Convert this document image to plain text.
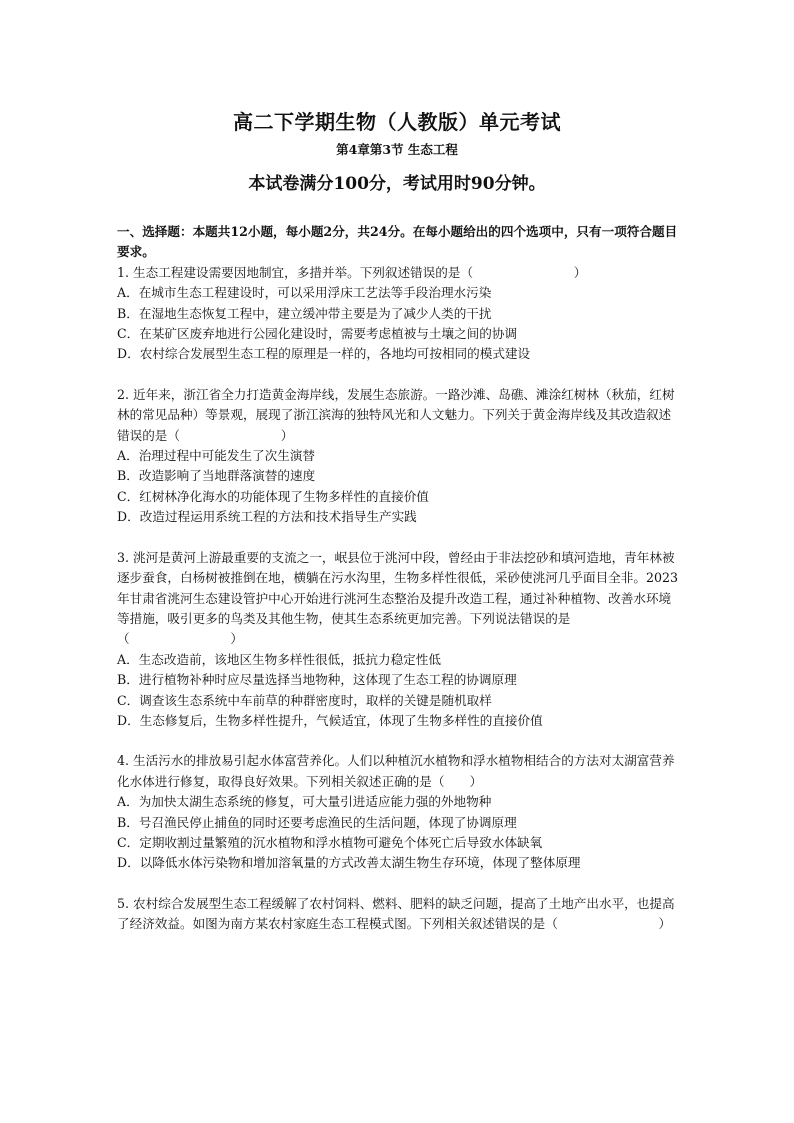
高二下学期生物（人教版）单元考试
第4章第3节 生态工程
本试卷满分100分，考试用时90分钟。

一、选择题：本题共12小题，每小题2分，共24分。在每小题给出的四个选项中，只有一项符合题目要求。

1. 生态工程建设需要因地制宜，多措并举。下列叙述错误的是（　　　　　　　　）

A．在城市生态工程建设时，可以采用浮床工艺法等手段治理水污染

B．在湿地生态恢复工程中，建立缓冲带主要是为了减少人类的干扰

C．在某矿区废弃地进行公园化建设时，需要考虑植被与土壤之间的协调

D．农村综合发展型生态工程的原理是一样的，各地均可按相同的模式建设

2. 近年来，浙江省全力打造黄金海岸线，发展生态旅游。一路沙滩、岛礁、滩涂红树林（秋茄，红树林的常见品种）等景观，展现了浙江滨海的独特风光和人文魅力。下列关于黄金海岸线及其改造叙述错误的是（　　　　　　　　）

A．治理过程中可能发生了次生演替

B．改造影响了当地群落演替的速度

C．红树林净化海水的功能体现了生物多样性的直接价值

D．改造过程运用系统工程的方法和技术指导生产实践

3. 洮河是黄河上游最重要的支流之一，岷县位于洮河中段，曾经由于非法挖砂和填河造地，青年林被逐步蚕食，白杨树被推倒在地，横躺在污水沟里，生物多样性很低，采砂使洮河几乎面目全非。2023年甘肃省洮河生态建设管护中心开始进行洮河生态整治及提升改造工程，通过补种植物、改善水环境等措施，吸引更多的鸟类及其他生物，使其生态系统更加完善。下列说法错误的是（　　　　　　　　）

A．生态改造前，该地区生物多样性很低，抵抗力稳定性低

B．进行植物补种时应尽量选择当地物种，这体现了生态工程的协调原理

C．调查该生态系统中车前草的种群密度时，取样的关键是随机取样

D．生态修复后，生物多样性提升，气候适宜，体现了生物多样性的直接价值

4. 生活污水的排放易引起水体富营养化。人们以种植沉水植物和浮水植物相结合的方法对太湖富营养化水体进行修复，取得良好效果。下列相关叙述正确的是（　　）

A．为加快太湖生态系统的修复，可大量引进适应能力强的外地物种

B．号召渔民停止捕鱼的同时还要考虑渔民的生活问题，体现了协调原理

C．定期收割过量繁殖的沉水植物和浮水植物可避免个体死亡后导致水体缺氧

D．以降低水体污染物和增加溶氧量的方式改善太湖生物生存环境，体现了整体原理

5. 农村综合发展型生态工程缓解了农村饲料、燃料、肥料的缺乏问题，提高了土地产出水平，也提高了经济效益。如图为南方某农村家庭生态工程模式图。下列相关叙述错误的是（　　　　　　　　）
